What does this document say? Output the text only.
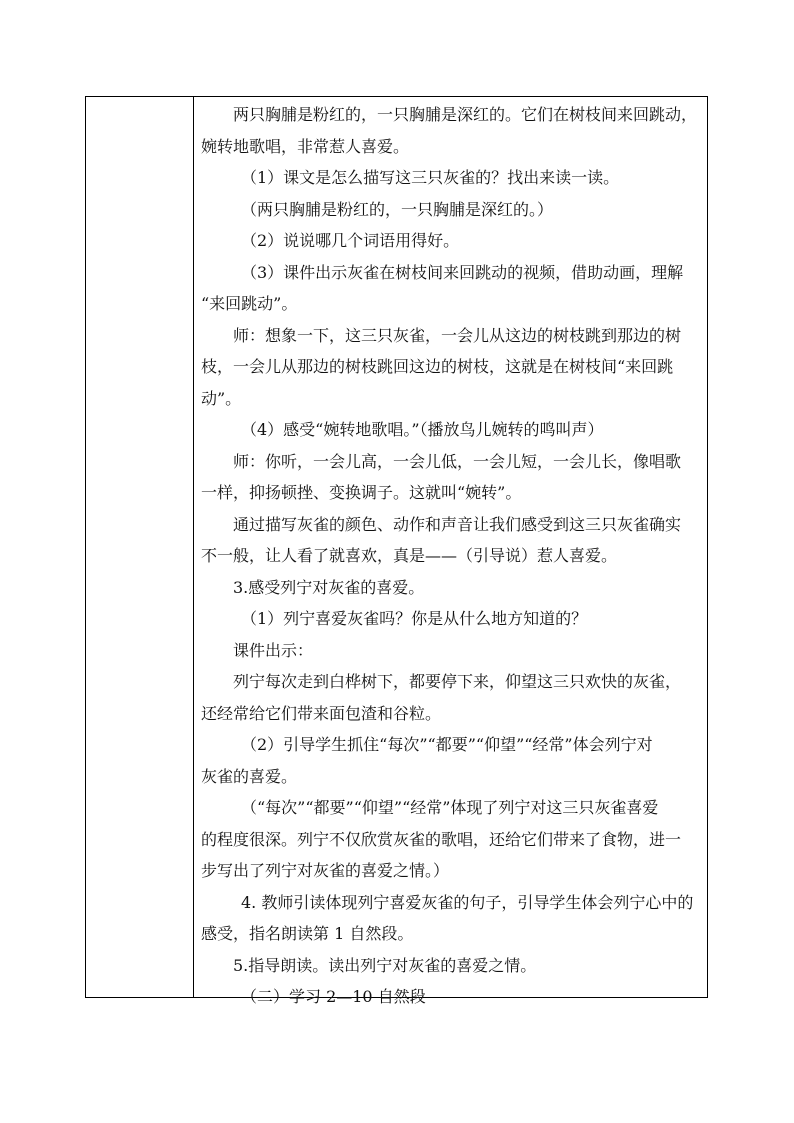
两只胸脯是粉红的，一只胸脯是深红的。它们在树枝间来回跳动，
婉转地歌唱，非常惹人喜爱。
（1）课文是怎么描写这三只灰雀的？找出来读一读。
（两只胸脯是粉红的，一只胸脯是深红的。）
（2）说说哪几个词语用得好。
（3）课件出示灰雀在树枝间来回跳动的视频，借助动画，理解
“来回跳动”。
师：想象一下，这三只灰雀，一会儿从这边的树枝跳到那边的树
枝，一会儿从那边的树枝跳回这边的树枝，这就是在树枝间“来回跳
动”。
（4）感受“婉转地歌唱。”（播放鸟儿婉转的鸣叫声）
师：你听，一会儿高，一会儿低，一会儿短，一会儿长，像唱歌
一样，抑扬顿挫、变换调子。这就叫“婉转”。
通过描写灰雀的颜色、动作和声音让我们感受到这三只灰雀确实
不一般，让人看了就喜欢，真是——（引导说）惹人喜爱。
3.感受列宁对灰雀的喜爱。
（1）列宁喜爱灰雀吗？你是从什么地方知道的？
课件出示：
列宁每次走到白桦树下，都要停下来，仰望这三只欢快的灰雀，
还经常给它们带来面包渣和谷粒。
（2）引导学生抓住“每次”“都要”“仰望”“经常”体会列宁对
灰雀的喜爱。
（“每次”“都要”“仰望”“经常”体现了列宁对这三只灰雀喜爱
的程度很深。列宁不仅欣赏灰雀的歌唱，还给它们带来了食物，进一
步写出了列宁对灰雀的喜爱之情。）
4. 教师引读体现列宁喜爱灰雀的句子，引导学生体会列宁心中的
感受，指名朗读第 1 自然段。
5.指导朗读。读出列宁对灰雀的喜爱之情。
（二）学习 2—10 自然段
